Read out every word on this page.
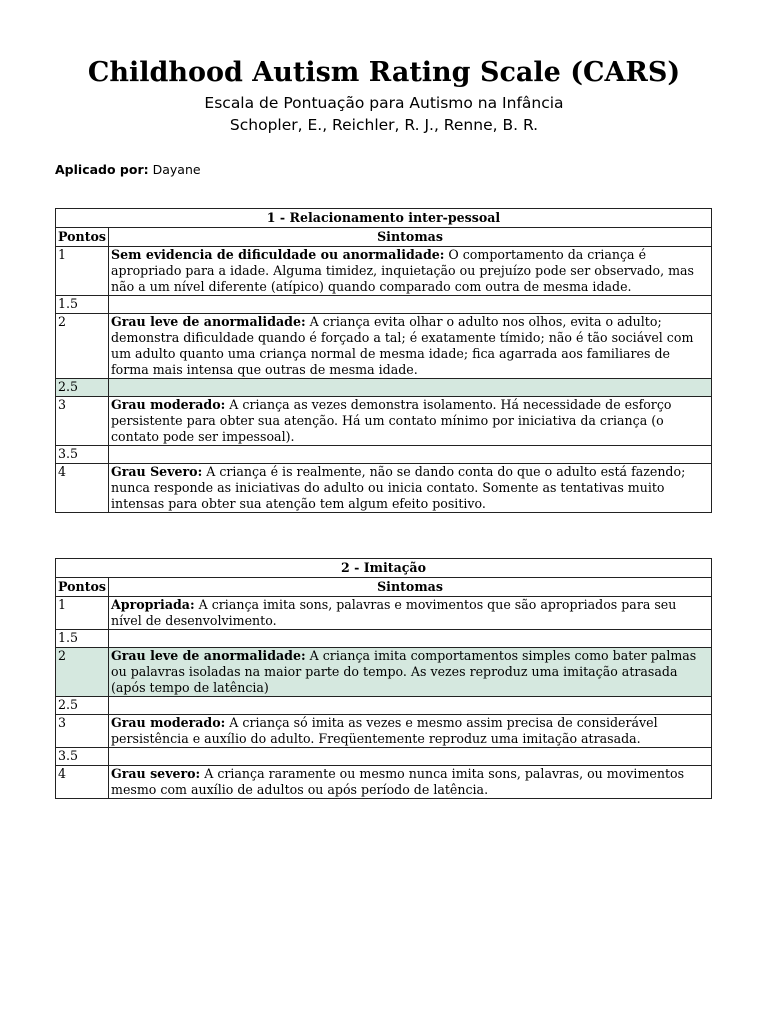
Childhood Autism Rating Scale (CARS)
Escala de Pontuação para Autismo na Infância
Schopler, E., Reichler, R. J., Renne, B. R.
Aplicado por: Dayane
1 - Relacionamento inter-pessoal	
Pontos	Sintomas
1	Sem evidencia de dificuldade ou anormalidade: O comportamento da criança é apropriado para a idade. Alguma timidez, inquietação ou prejuízo pode ser observado, mas não a um nível diferente (atípico) quando comparado com outra de mesma idade.
1.5	
2	Grau leve de anormalidade: A criança evita olhar o adulto nos olhos, evita o adulto; demonstra dificuldade quando é forçado a tal; é exatamente tímido; não é tão sociável com um adulto quanto uma criança normal de mesma idade; fica agarrada aos familiares de forma mais intensa que outras de mesma idade.
2.5	
3	Grau moderado: A criança as vezes demonstra isolamento. Há necessidade de esforço persistente para obter sua atenção. Há um contato mínimo por iniciativa da criança (o contato pode ser impessoal).
3.5	
4	Grau Severo: A criança é is realmente, não se dando conta do que o adulto está fazendo; nunca responde as iniciativas do adulto ou inicia contato. Somente as tentativas muito intensas para obter sua atenção tem algum efeito positivo.
2 - Imitação	
Pontos	Sintomas
1	Apropriada: A criança imita sons, palavras e movimentos que são apropriados para seu nível de desenvolvimento.
1.5	
2	Grau leve de anormalidade: A criança imita comportamentos simples como bater palmas ou palavras isoladas na maior parte do tempo. As vezes reproduz uma imitação atrasada (após tempo de latência)
2.5	
3	Grau moderado: A criança só imita as vezes e mesmo assim precisa de considerável persistência e auxílio do adulto. Freqüentemente reproduz uma imitação atrasada.
3.5	
4	Grau severo: A criança raramente ou mesmo nunca imita sons, palavras, ou movimentos mesmo com auxílio de adultos ou após período de latência.
